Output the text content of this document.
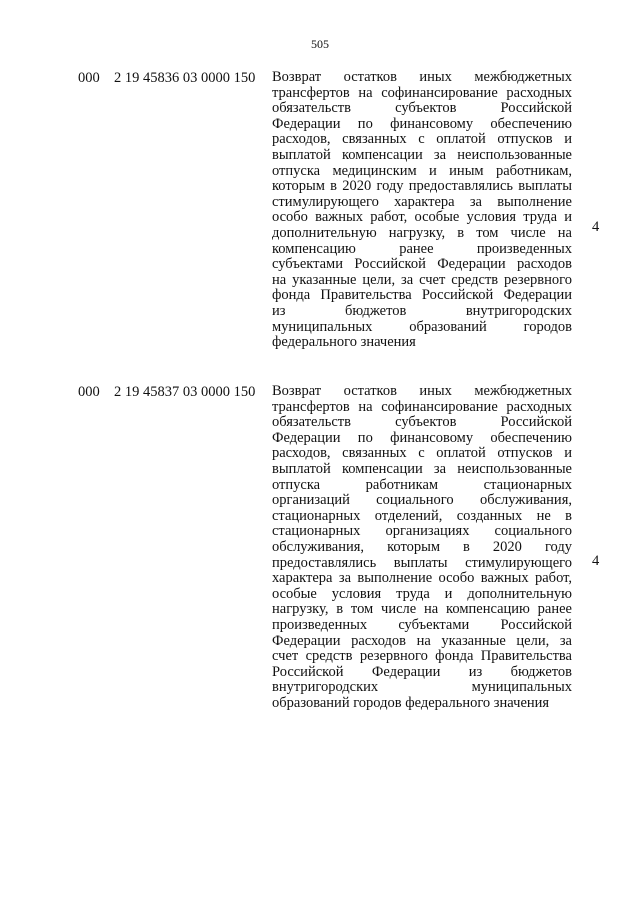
505
000 2 19 45836 03 0000 150 Возврат остатков иных межбюджетных
трансфертов на софинансирование расходных
обязательств субъектов Российской
Федерации по финансовому обеспечению
расходов, связанных с оплатой отпусков и
выплатой компенсации за неиспользованные
отпуска медицинским и иным работникам,
которым в 2020 году предоставлялись выплаты
стимулирующего характера за выполнение
особо важных работ, особые условия труда и
дополнительную нагрузку, в том числе на
компенсацию ранее произведенных
субъектами Российской Федерации расходов
на указанные цели, за счет средств резервного
фонда Правительства Российской Федерации
из бюджетов внутригородских
муниципальных образований городов
федерального значения

4
000 2 19 45837 03 0000 150 Возврат остатков иных межбюджетных
трансфертов на софинансирование расходных
обязательств субъектов Российской
Федерации по финансовому обеспечению
расходов, связанных с оплатой отпусков и
выплатой компенсации за неиспользованные
отпуска работникам стационарных
организаций социального обслуживания,
стационарных отделений, созданных не в
стационарных организациях социального
обслуживания, которым в 2020 году
предоставлялись выплаты стимулирующего
характера за выполнение особо важных работ,
особые условия труда и дополнительную
нагрузку, в том числе на компенсацию ранее
произведенных субъектами Российской
Федерации расходов на указанные цели, за
счет средств резервного фонда Правительства
Российской Федерации из бюджетов
внутригородских муниципальных
образований городов федерального значения

4
